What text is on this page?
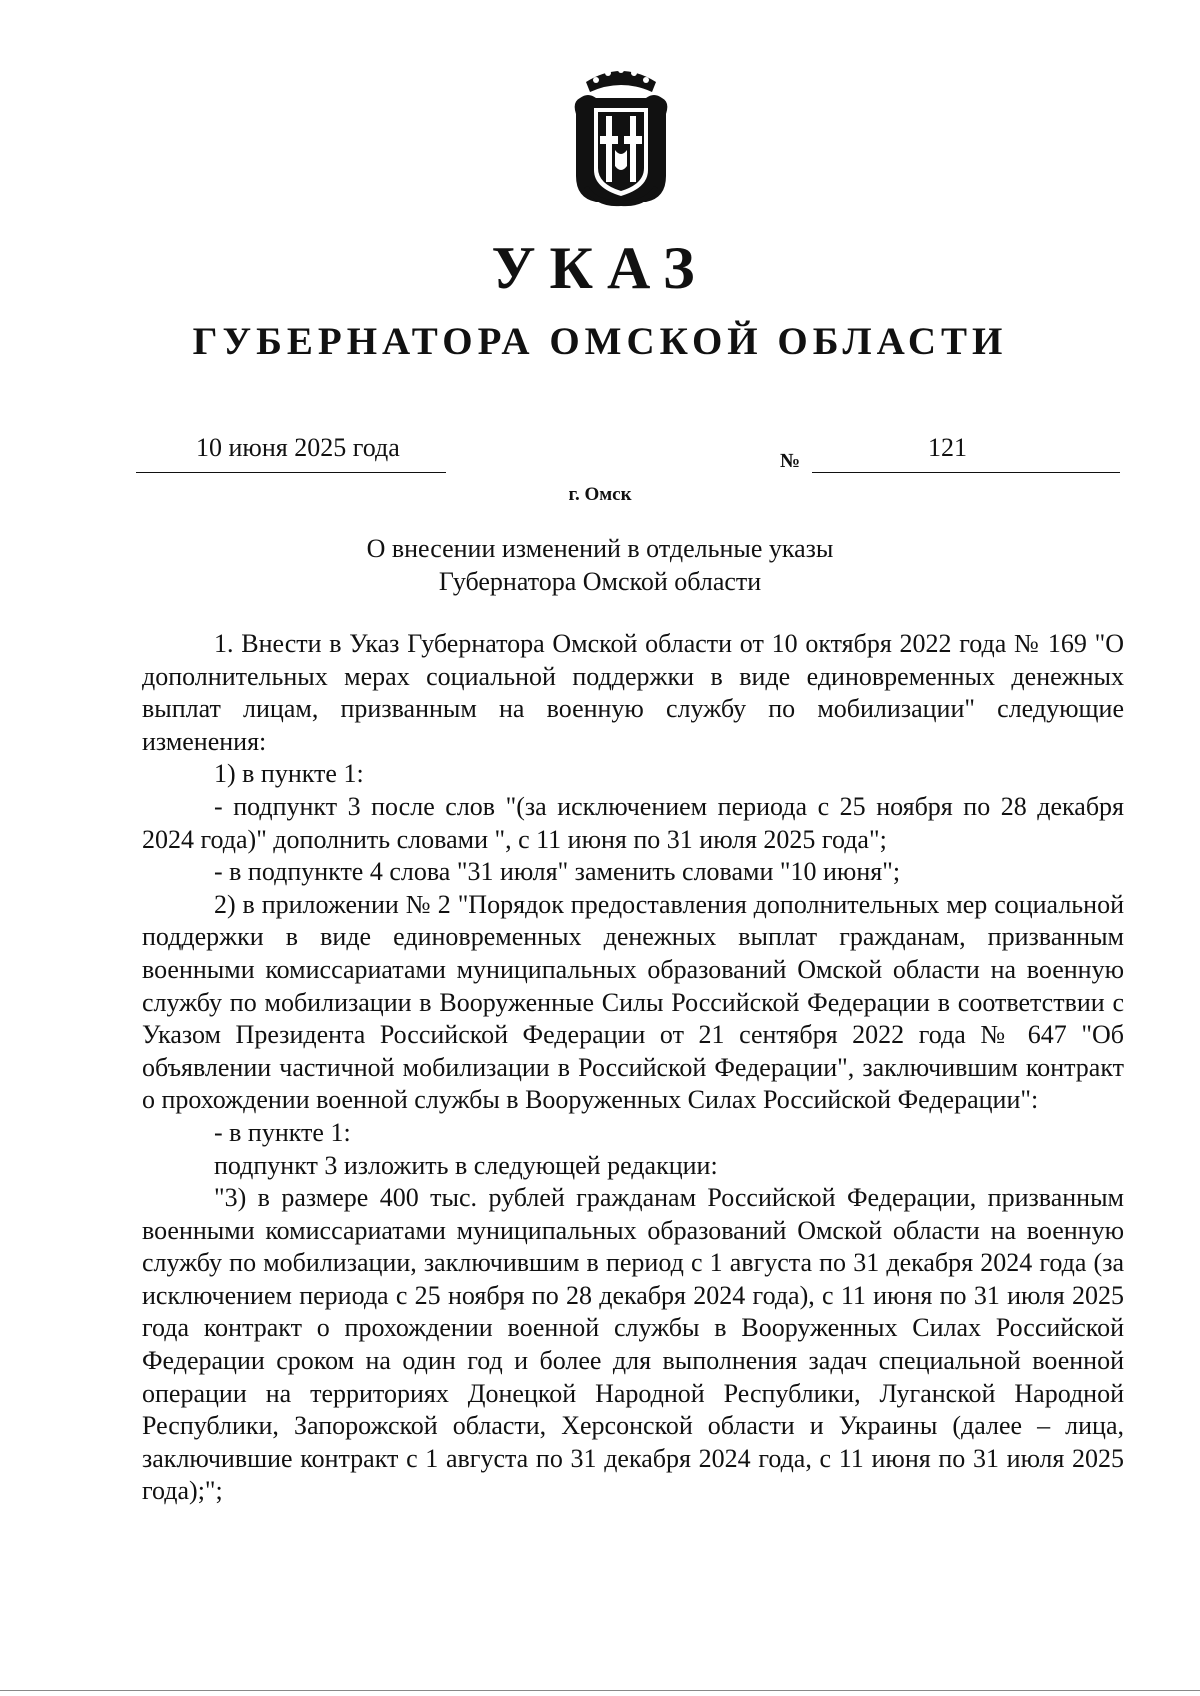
УКАЗ
ГУБЕРНАТОРА ОМСКОЙ ОБЛАСТИ
10 июня 2025 года	№	121
г. Омск
О внесении изменений в отдельные указы
Губернатора Омской области

1. Внести в Указ Губернатора Омской области от 10 октября 2022 года № 169 "О дополнительных мерах социальной поддержки в виде единовременных денежных выплат лицам, призванным на военную службу по мобилизации" следующие изменения:

1) в пункте 1:

- подпункт 3 после слов "(за исключением периода с 25 ноября по 28 декабря 2024 года)" дополнить словами ", с 11 июня по 31 июля 2025 года";

- в подпункте 4 слова "31 июля" заменить словами "10 июня";

2) в приложении № 2 "Порядок предоставления дополнительных мер социальной поддержки в виде единовременных денежных выплат гражданам, призванным военными комиссариатами муниципальных образований Омской области на военную службу по мобилизации в Вооруженные Силы Российской Федерации в соответствии с Указом Президента Российской Федерации от 21 сентября 2022 года № 647 "Об объявлении частичной мобилизации в Российской Федерации", заключившим контракт о прохождении военной службы в Вооруженных Силах Российской Федерации":

- в пункте 1:

подпункт 3 изложить в следующей редакции:

"3) в размере 400 тыс. рублей гражданам Российской Федерации, призванным военными комиссариатами муниципальных образований Омской области на военную службу по мобилизации, заключившим в период с 1 августа по 31 декабря 2024 года (за исключением периода с 25 ноября по 28 декабря 2024 года), с 11 июня по 31 июля 2025 года контракт о прохождении военной службы в Вооруженных Силах Российской Федерации сроком на один год и более для выполнения задач специальной военной операции на территориях Донецкой Народной Республики, Луганской Народной Республики, Запорожской области, Херсонской области и Украины (далее – лица, заключившие контракт с 1 августа по 31 декабря 2024 года, с 11 июня по 31 июля 2025 года);";
